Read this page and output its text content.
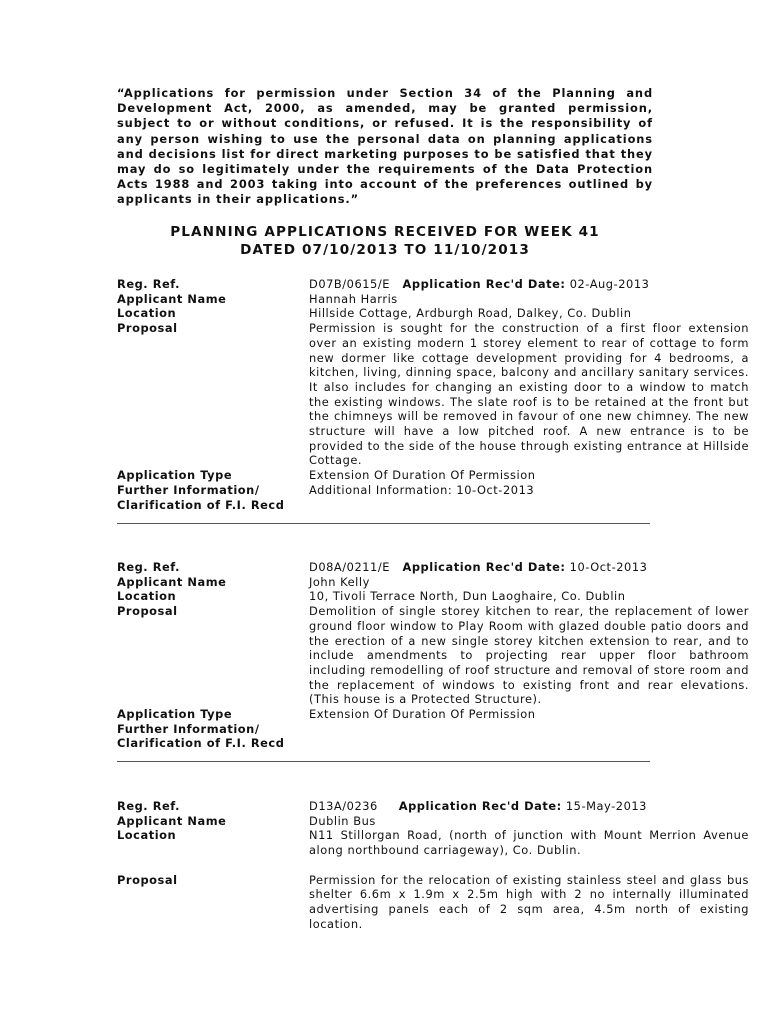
“Applications for permission under Section 34 of the Planning and Development Act, 2000, as amended, may be granted permission, subject to or without conditions, or refused. It is the responsibility of any person wishing to use the personal data on planning applications and decisions list for direct marketing purposes to be satisfied that they may do so legitimately under the requirements of the Data Protection Acts 1988 and 2003 taking into account of the preferences outlined by applicants in their applications.”

PLANNING APPLICATIONS RECEIVED FOR WEEK 41

DATED 07/10/2013 TO 11/10/2013

Reg. Ref.	D07B/0615/E Application Rec'd Date: 02-Aug-2013
Applicant Name	Hannah Harris
Location	Hillside Cottage, Ardburgh Road, Dalkey, Co. Dublin
Proposal	Permission is sought for the construction of a first floor extension over an existing modern 1 storey element to rear of cottage to form new dormer like cottage development providing for 4 bedrooms, a kitchen, living, dinning space, balcony and ancillary sanitary services. It also includes for changing an existing door to a window to match the existing windows. The slate roof is to be retained at the front but the chimneys will be removed in favour of one new chimney. The new structure will have a low pitched roof. A new entrance is to be provided to the side of the house through existing entrance at Hillside Cottage.
Application Type	Extension Of Duration Of Permission
Further Information/	Additional Information: 10-Oct-2013
Clarification of F.I. Recd
Reg. Ref.	D08A/0211/E Application Rec'd Date: 10-Oct-2013
Applicant Name	John Kelly
Location	10, Tivoli Terrace North, Dun Laoghaire, Co. Dublin
Proposal	Demolition of single storey kitchen to rear, the replacement of lower ground floor window to Play Room with glazed double patio doors and the erection of a new single storey kitchen extension to rear, and to include amendments to projecting rear upper floor bathroom including remodelling of roof structure and removal of store room and the replacement of windows to existing front and rear elevations. (This house is a Protected Structure).
Application Type	Extension Of Duration Of Permission
Further Information/
Clarification of F.I. Recd
Reg. Ref.	D13A/0236 Application Rec'd Date: 15-May-2013
Applicant Name	Dublin Bus
Location	N11 Stillorgan Road, (north of junction with Mount Merrion Avenue along northbound carriageway), Co. Dublin.
Proposal	Permission for the relocation of existing stainless steel and glass bus shelter 6.6m x 1.9m x 2.5m high with 2 no internally illuminated advertising panels each of 2 sqm area, 4.5m north of existing location.
